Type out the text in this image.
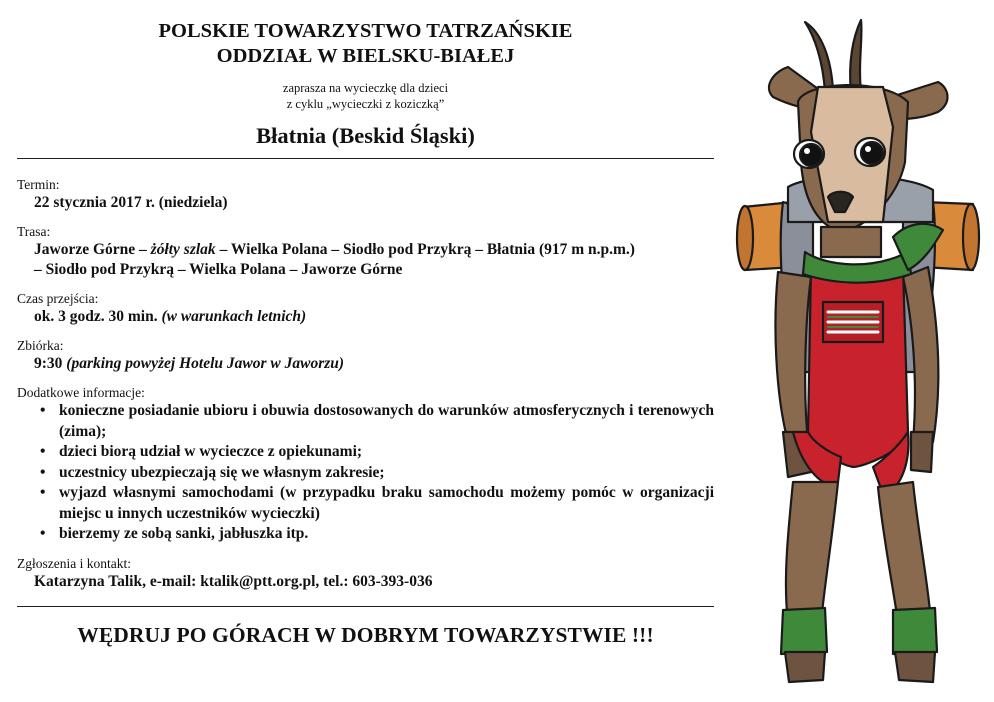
POLSKIE TOWARZYSTWO TATRZAŃSKIE
ODDZIAŁ W BIELSKU-BIAŁEJ
zaprasza na wycieczkę dla dzieci
z cyklu „wycieczki z koziczką”
Błatnia (Beskid Śląski)
Termin:
22 stycznia 2017 r. (niedziela)
Trasa:
Jaworze Górne – żółty szlak – Wielka Polana – Siodło pod Przykrą – Błatnia (917 m n.p.m.)
– Siodło pod Przykrą – Wielka Polana – Jaworze Górne
Czas przejścia:
ok. 3 godz. 30 min. (w warunkach letnich)
Zbiórka:
9:30 (parking powyżej Hotelu Jawor w Jaworzu)
Dodatkowe informacje:
• konieczne posiadanie ubioru i obuwia dostosowanych do warunków atmosferycznych i terenowych (zima);
• dzieci biorą udział w wycieczce z opiekunami;
• uczestnicy ubezpieczają się we własnym zakresie;
• wyjazd własnymi samochodami (w przypadku braku samochodu możemy pomóc w organizacji miejsc u innych uczestników wycieczki)
• bierzemy ze sobą sanki, jabłuszka itp.
Zgłoszenia i kontakt:
Katarzyna Talik, e-mail: ktalik@ptt.org.pl, tel.: 603-393-036
WĘDRUJ PO GÓRACH W DOBRYM TOWARZYSTWIE !!!
